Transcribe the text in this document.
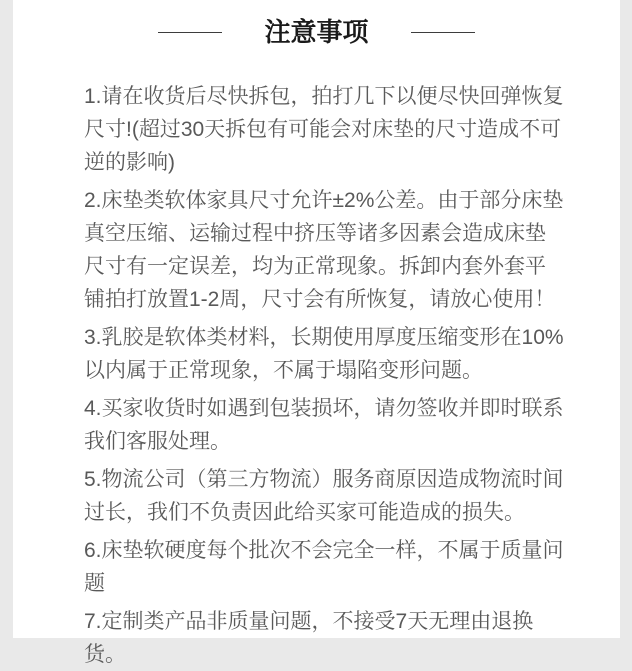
注意事项

1.请在收货后尽快拆包，拍打几下以便尽快回弹恢复尺寸!(超过30天拆包有可能会对床垫的尺寸造成不可逆的影响)

2.床垫类软体家具尺寸允许±2%公差。由于部分床垫真空压缩、运输过程中挤压等诸多因素会造成床垫尺寸有一定误差，均为正常现象。拆卸内套外套平铺拍打放置1-2周，尺寸会有所恢复，请放心使用！

3.乳胶是软体类材料，长期使用厚度压缩变形在10%以内属于正常现象，不属于塌陷变形问题。

4.买家收货时如遇到包装损坏，请勿签收并即时联系我们客服处理。

5.物流公司（第三方物流）服务商原因造成物流时间过长，我们不负责因此给买家可能造成的损失。

6.床垫软硬度每个批次不会完全一样，不属于质量问题

7.定制类产品非质量问题，不接受7天无理由退换货。
